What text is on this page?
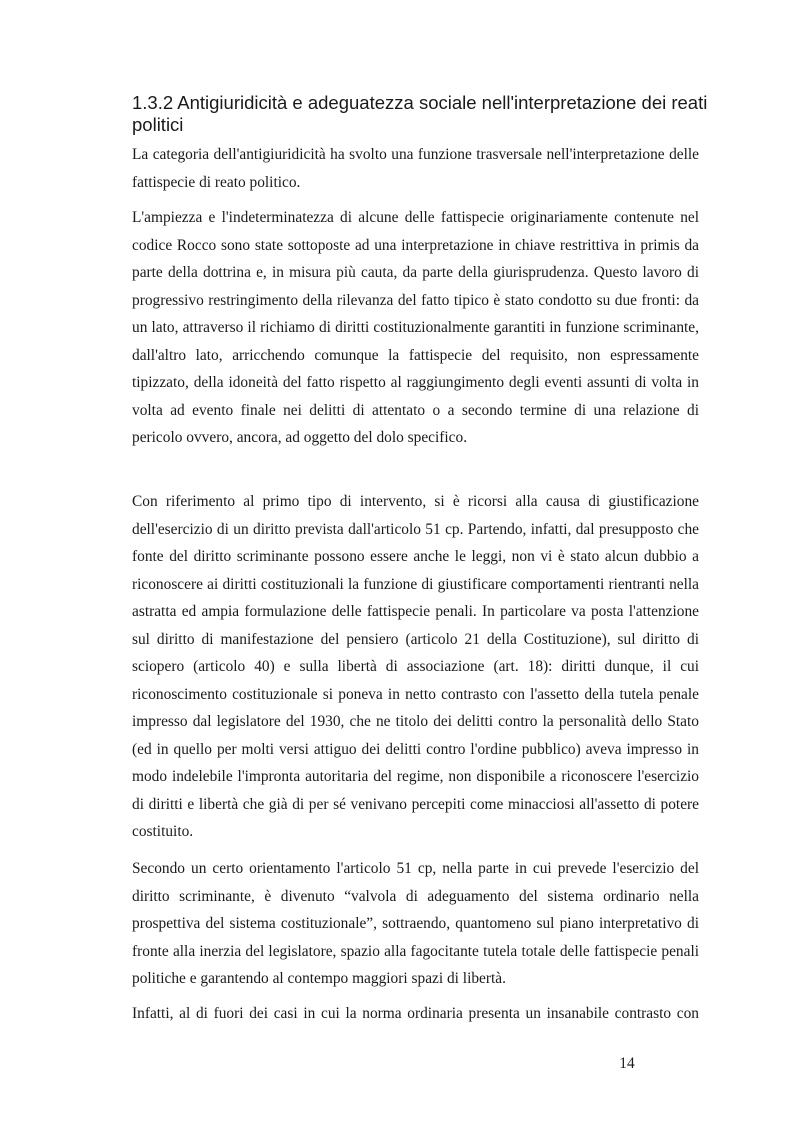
1.3.2 Antigiuridicità e adeguatezza sociale nell'interpretazione dei reati politici

La categoria dell'antigiuridicità ha svolto una funzione trasversale nell'interpretazione delle fattispecie di reato politico.

L'ampiezza e l'indeterminatezza di alcune delle fattispecie originariamente contenute nel codice Rocco sono state sottoposte ad una interpretazione in chiave restrittiva in primis da parte della dottrina e, in misura più cauta, da parte della giurisprudenza. Questo lavoro di progressivo restringimento della rilevanza del fatto tipico è stato condotto su due fronti: da un lato, attraverso il richiamo di diritti costituzionalmente garantiti in funzione scriminante, dall'altro lato, arricchendo comunque la fattispecie del requisito, non espressamente tipizzato, della idoneità del fatto rispetto al raggiungimento degli eventi assunti di volta in volta ad evento finale nei delitti di attentato o a secondo termine di una relazione di pericolo ovvero, ancora, ad oggetto del dolo specifico.

Con riferimento al primo tipo di intervento, si è ricorsi alla causa di giustificazione dell'esercizio di un diritto prevista dall'articolo 51 cp. Partendo, infatti, dal presupposto che fonte del diritto scriminante possono essere anche le leggi, non vi è stato alcun dubbio a riconoscere ai diritti costituzionali la funzione di giustificare comportamenti rientranti nella astratta ed ampia formulazione delle fattispecie penali. In particolare va posta l'attenzione sul diritto di manifestazione del pensiero (articolo 21 della Costituzione), sul diritto di sciopero (articolo 40) e sulla libertà di associazione (art. 18): diritti dunque, il cui riconoscimento costituzionale si poneva in netto contrasto con l'assetto della tutela penale impresso dal legislatore del 1930, che ne titolo dei delitti contro la personalità dello Stato (ed in quello per molti versi attiguo dei delitti contro l'ordine pubblico) aveva impresso in modo indelebile l'impronta autoritaria del regime, non disponibile a riconoscere l'esercizio di diritti e libertà che già di per sé venivano percepiti come minacciosi all'assetto di potere costituito.

Secondo un certo orientamento l'articolo 51 cp, nella parte in cui prevede l'esercizio del diritto scriminante, è divenuto “valvola di adeguamento del sistema ordinario nella prospettiva del sistema costituzionale”, sottraendo, quantomeno sul piano interpretativo di fronte alla inerzia del legislatore, spazio alla fagocitante tutela totale delle fattispecie penali politiche e garantendo al contempo maggiori spazi di libertà.

Infatti, al di fuori dei casi in cui la norma ordinaria presenta un insanabile contrasto con

14
